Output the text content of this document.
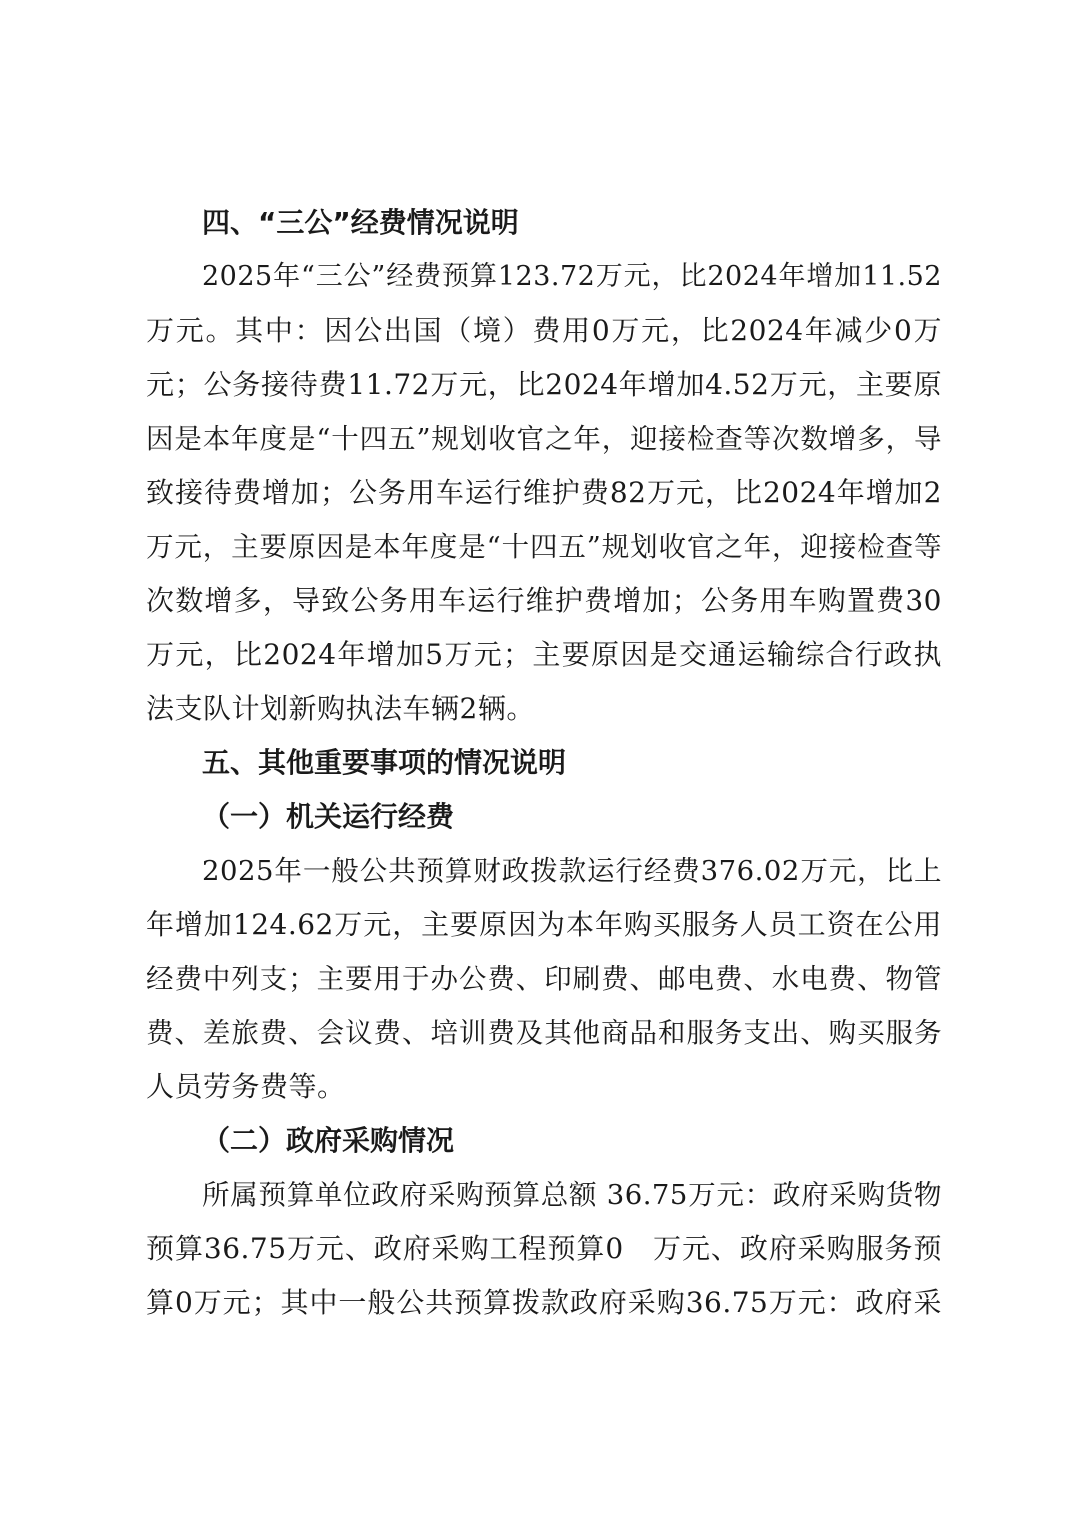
四、“三公”经费情况说明
2025年“三公”经费预算123.72万元，比2024年增加11.52
万元。其中：因公出国（境）费用0万元，比2024年减少0万
元；公务接待费11.72万元，比2024年增加4.52万元，主要原
因是本年度是“十四五”规划收官之年，迎接检查等次数增多，导
致接待费增加；公务用车运行维护费82万元，比2024年增加2
万元，主要原因是本年度是“十四五”规划收官之年，迎接检查等
次数增多，导致公务用车运行维护费增加；公务用车购置费30
万元，比2024年增加5万元；主要原因是交通运输综合行政执
法支队计划新购执法车辆2辆。
五、其他重要事项的情况说明
（一）机关运行经费
2025年一般公共预算财政拨款运行经费376.02万元，比上
年增加124.62万元，主要原因为本年购买服务人员工资在公用
经费中列支；主要用于办公费、印刷费、邮电费、水电费、物管
费、差旅费、会议费、培训费及其他商品和服务支出、购买服务
人员劳务费等。
（二）政府采购情况
所属预算单位政府采购预算总额 36.75万元：政府采购货物
预算36.75万元、政府采购工程预算0　万元、政府采购服务预
算0万元；其中一般公共预算拨款政府采购36.75万元：政府采
